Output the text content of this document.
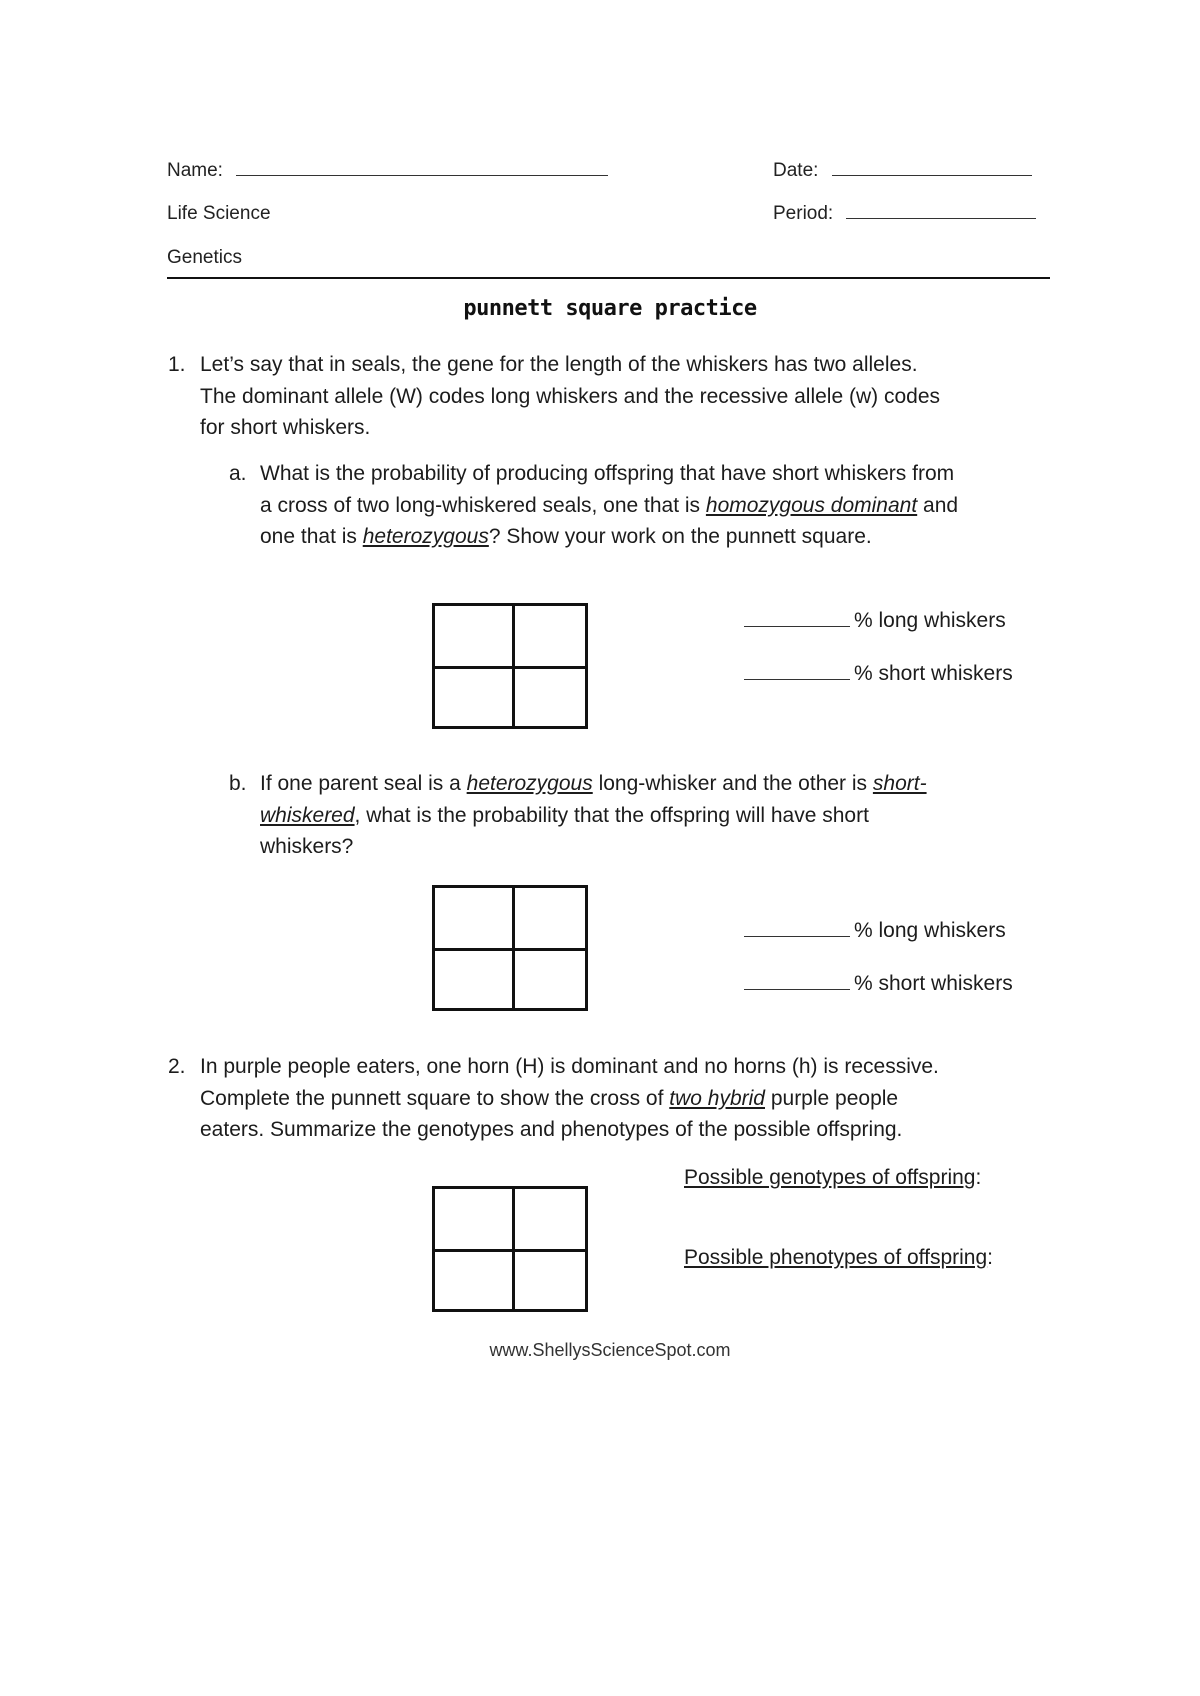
Name:	Date:
Life Science	Period:
Genetics
punnett square practice
1. Let’s say that in seals, the gene for the length of the whiskers has two alleles.
The dominant allele (W) codes long whiskers and the recessive allele (w) codes
for short whiskers.
a. What is the probability of producing offspring that have short whiskers from
a cross of two long-whiskered seals, one that is homozygous dominant and
one that is heterozygous? Show your work on the punnett square.
% long whiskers
% short whiskers
b. If one parent seal is a heterozygous long-whisker and the other is short-
whiskered, what is the probability that the offspring will have short
whiskers?
% long whiskers
% short whiskers
2. In purple people eaters, one horn (H) is dominant and no horns (h) is recessive.
Complete the punnett square to show the cross of two hybrid purple people
eaters. Summarize the genotypes and phenotypes of the possible offspring.
Possible genotypes of offspring:
Possible phenotypes of offspring:
www.ShellysScienceSpot.com
